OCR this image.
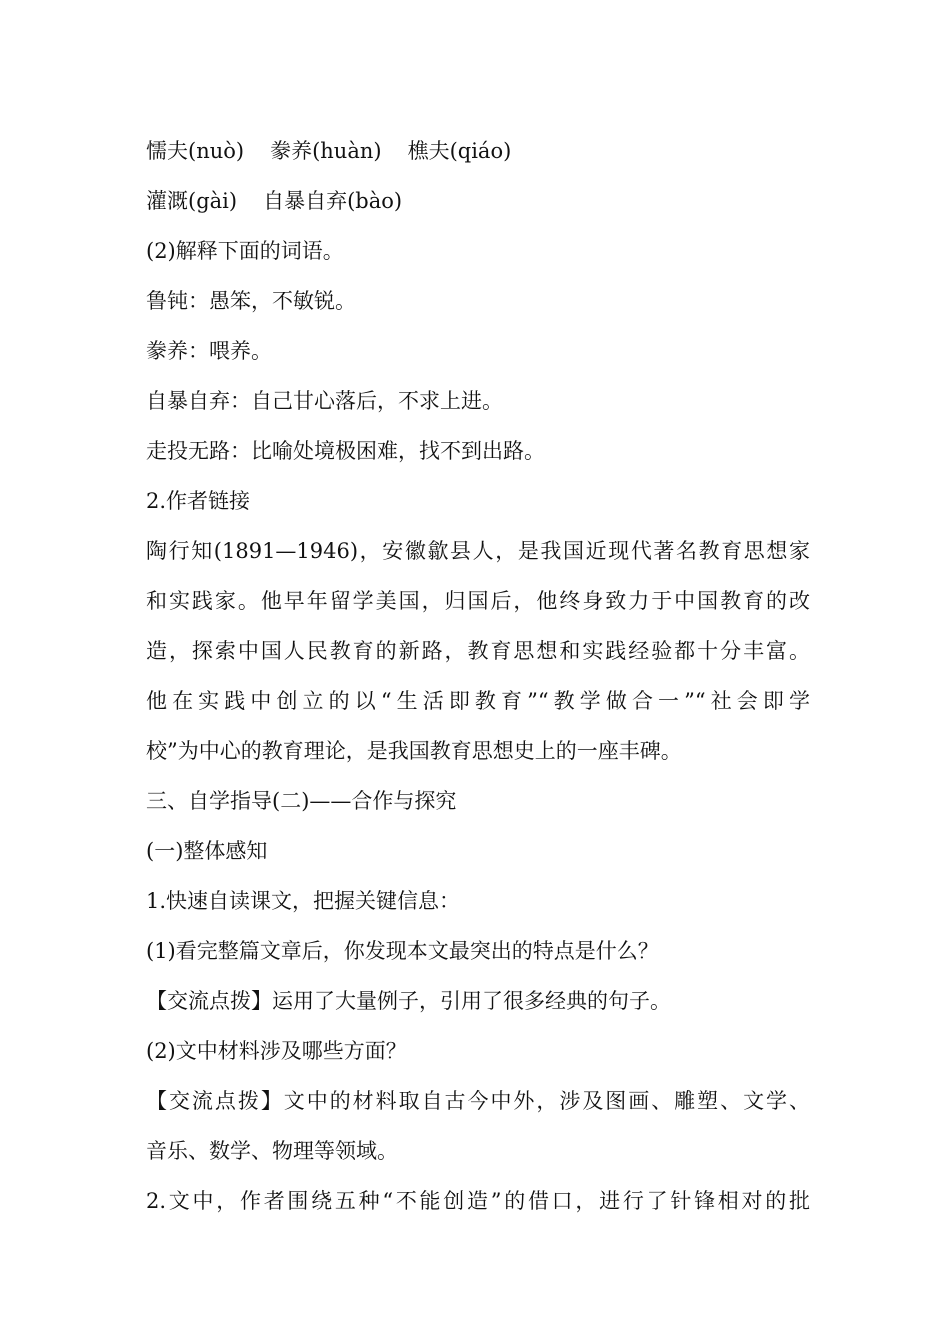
懦夫(nuò) 豢养(huàn) 樵夫(qiáo)
灌溉(gài) 自暴自弃(bào)
(2)解释下面的词语。
鲁钝：愚笨，不敏锐。
豢养：喂养。
自暴自弃：自己甘心落后，不求上进。
走投无路：比喻处境极困难，找不到出路。
2.作者链接
陶行知(1891—1946)，安徽歙县人，是我国近现代著名教育思想家
和实践家。他早年留学美国，归国后，他终身致力于中国教育的改
造，探索中国人民教育的新路，教育思想和实践经验都十分丰富。
他在实践中创立的以“生活即教育”“教学做合一”“社会即学
校”为中心的教育理论，是我国教育思想史上的一座丰碑。
三、自学指导(二)——合作与探究
(一)整体感知
1.快速自读课文，把握关键信息：
(1)看完整篇文章后，你发现本文最突出的特点是什么？
【交流点拨】运用了大量例子，引用了很多经典的句子。
(2)文中材料涉及哪些方面？
【交流点拨】文中的材料取自古今中外，涉及图画、雕塑、文学、
音乐、数学、物理等领域。
2.文中，作者围绕五种“不能创造”的借口，进行了针锋相对的批
